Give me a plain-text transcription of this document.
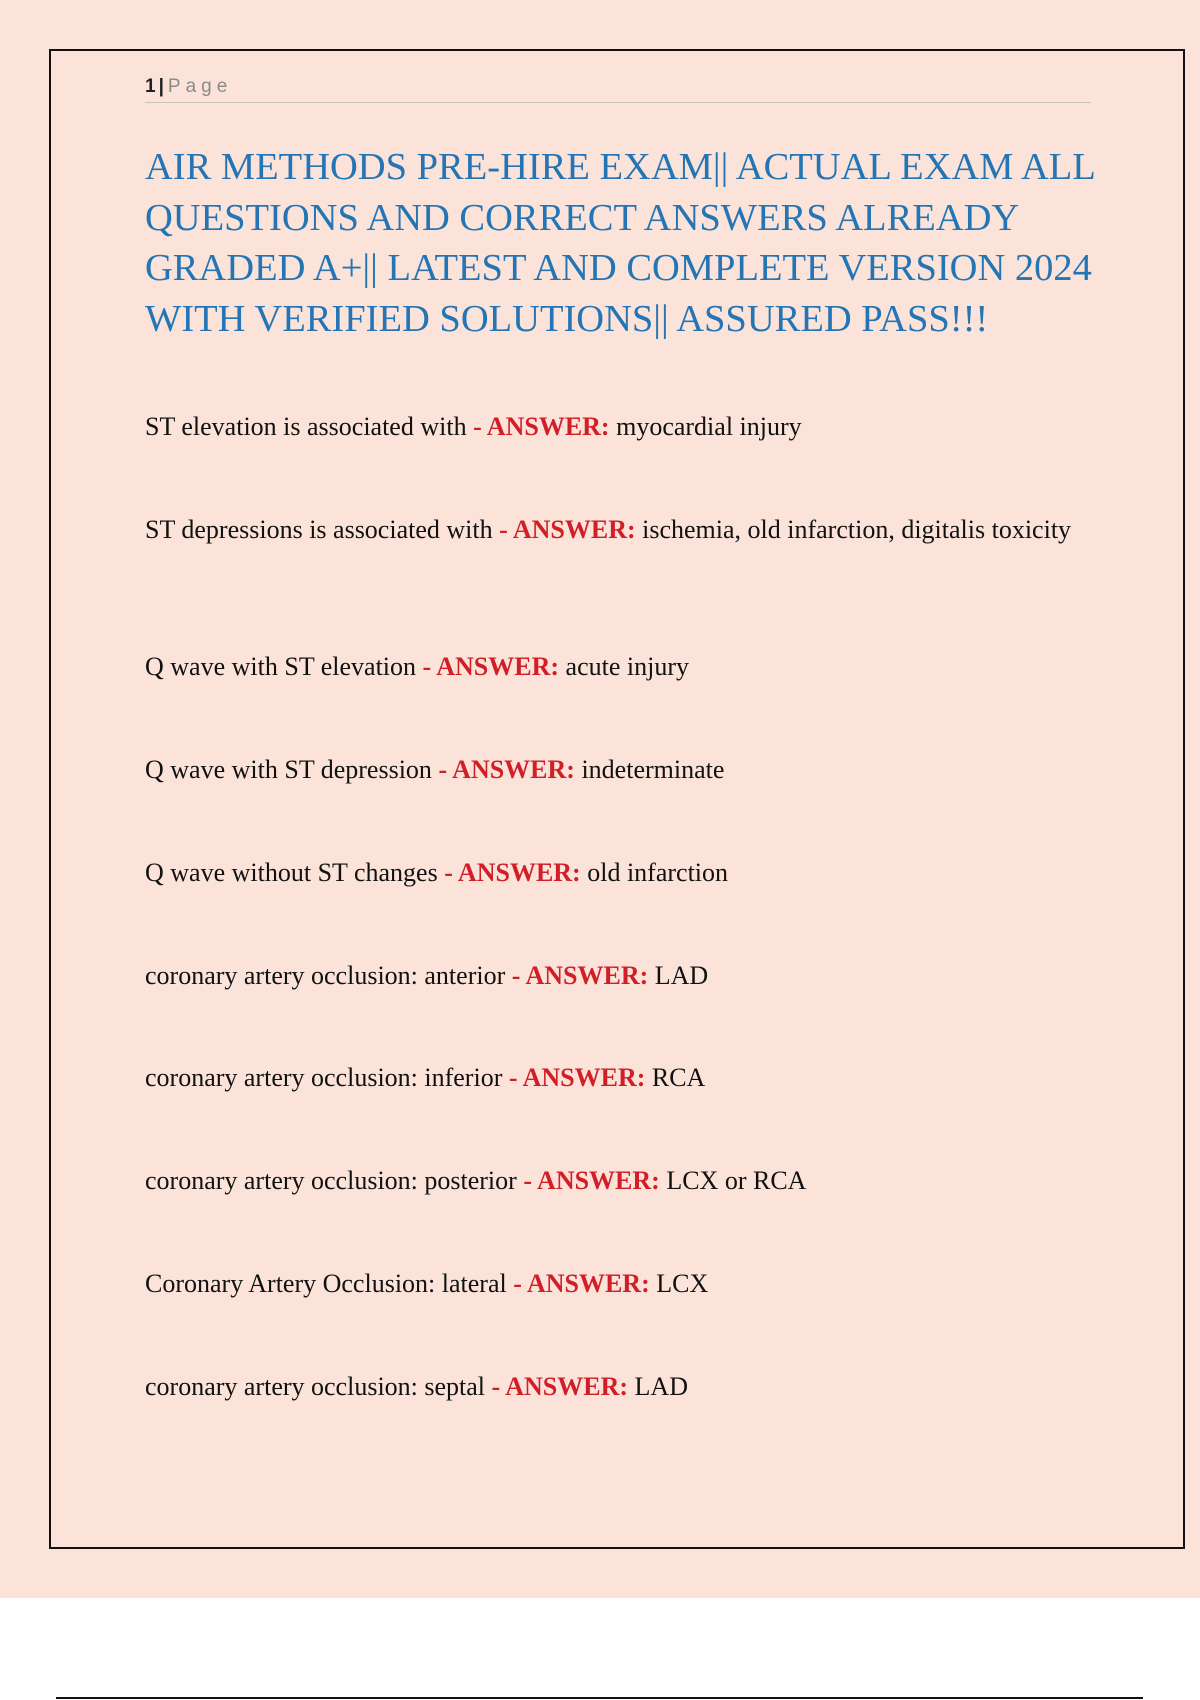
1 | Page
AIR METHODS PRE-HIRE EXAM|| ACTUAL EXAM ALL QUESTIONS AND CORRECT ANSWERS ALREADY GRADED A+|| LATEST AND COMPLETE VERSION 2024 WITH VERIFIED SOLUTIONS|| ASSURED PASS!!!

ST elevation is associated with - ANSWER: myocardial injury

ST depressions is associated with - ANSWER: ischemia, old infarction, digitalis toxicity

Q wave with ST elevation - ANSWER: acute injury

Q wave with ST depression - ANSWER: indeterminate

Q wave without ST changes - ANSWER: old infarction

coronary artery occlusion: anterior - ANSWER: LAD

coronary artery occlusion: inferior - ANSWER: RCA

coronary artery occlusion: posterior - ANSWER: LCX or RCA

Coronary Artery Occlusion: lateral - ANSWER: LCX

coronary artery occlusion: septal - ANSWER: LAD
